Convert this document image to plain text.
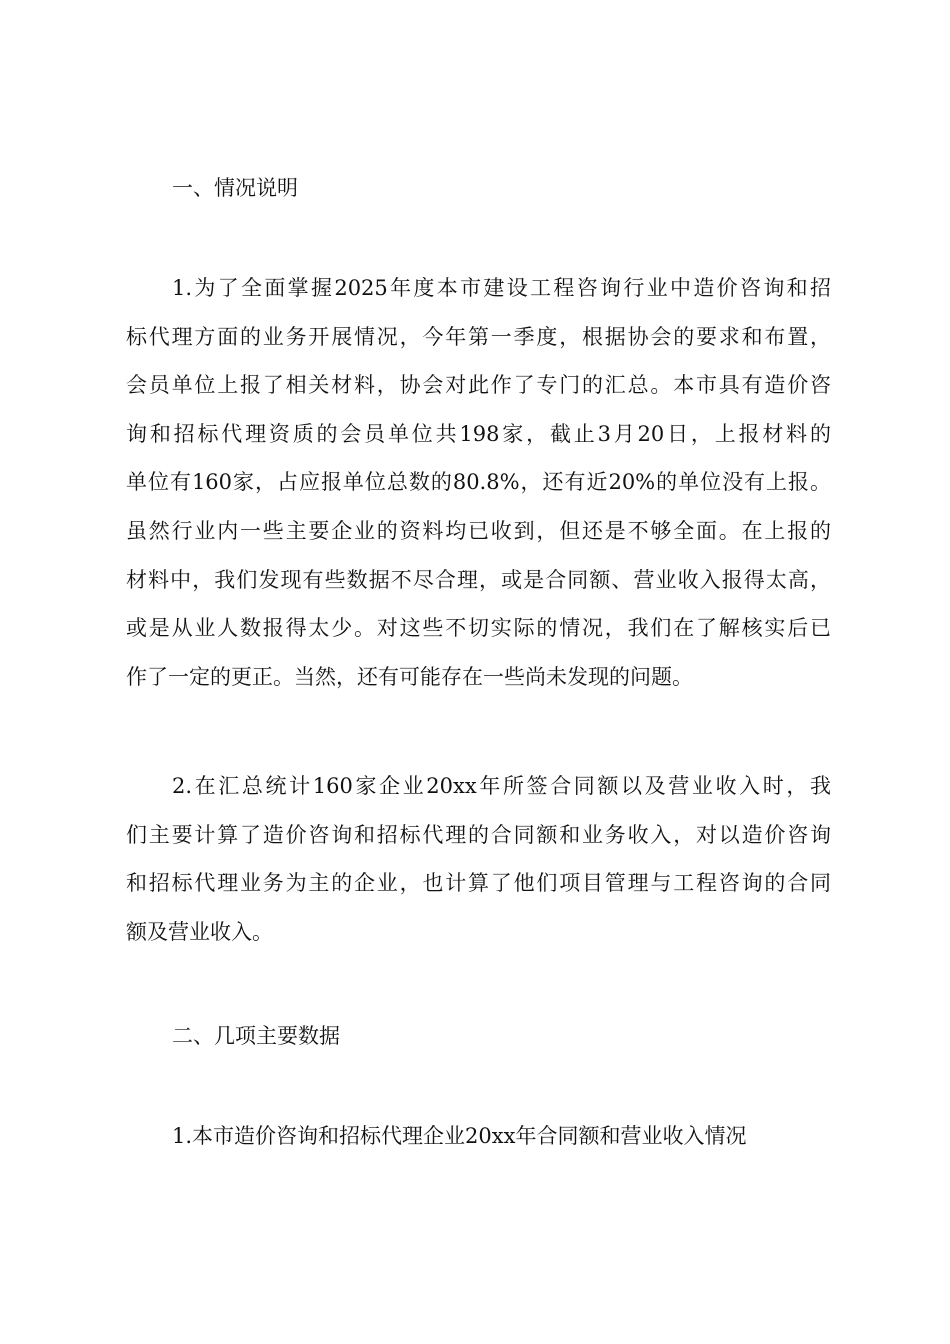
一、情况说明
1.为了全面掌握2025年度本市建设工程咨询行业中造价咨询和招
标代理方面的业务开展情况，今年第一季度，根据协会的要求和布置，
会员单位上报了相关材料，协会对此作了专门的汇总。本市具有造价咨
询和招标代理资质的会员单位共198家，截止3月20日，上报材料的
单位有160家，占应报单位总数的80.8%，还有近20%的单位没有上报。
虽然行业内一些主要企业的资料均已收到，但还是不够全面。在上报的
材料中，我们发现有些数据不尽合理，或是合同额、营业收入报得太高，
或是从业人数报得太少。对这些不切实际的情况，我们在了解核实后已
作了一定的更正。当然，还有可能存在一些尚未发现的问题。
2.在汇总统计160家企业20xx年所签合同额以及营业收入时，我
们主要计算了造价咨询和招标代理的合同额和业务收入，对以造价咨询
和招标代理业务为主的企业，也计算了他们项目管理与工程咨询的合同
额及营业收入。
二、几项主要数据
1.本市造价咨询和招标代理企业20xx年合同额和营业收入情况
